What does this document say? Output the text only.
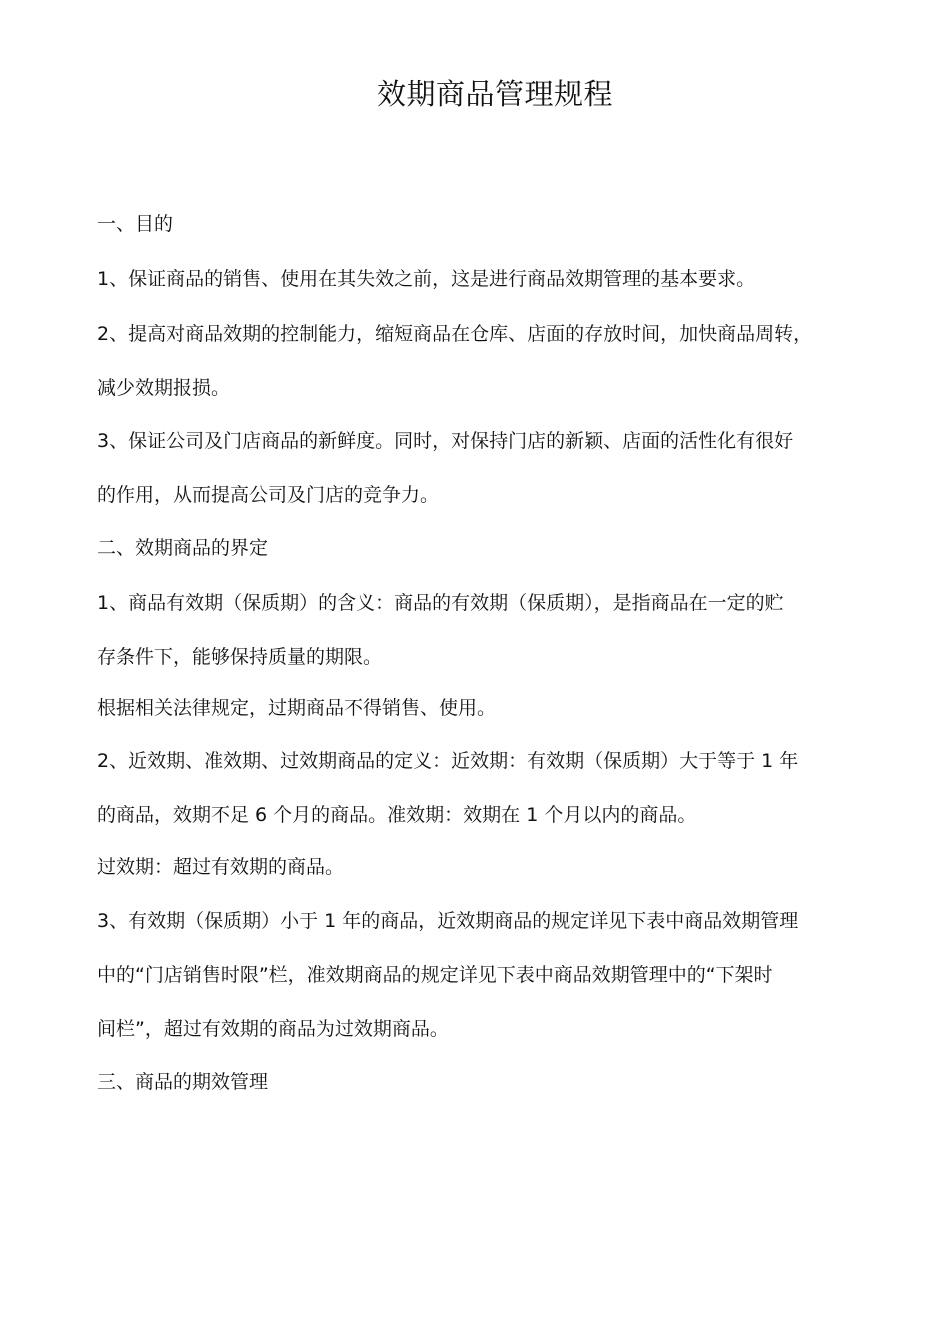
效期商品管理规程

一、目的

1、保证商品的销售、使用在其失效之前，这是进行商品效期管理的基本要求。

2、提高对商品效期的控制能力，缩短商品在仓库、店面的存放时间，加快商品周转，
减少效期报损。

3、保证公司及门店商品的新鲜度。同时，对保持门店的新颖、店面的活性化有很好
的作用，从而提高公司及门店的竞争力。

二、效期商品的界定

1、商品有效期（保质期）的含义：商品的有效期（保质期），是指商品在一定的贮
存条件下，能够保持质量的期限。

根据相关法律规定，过期商品不得销售、使用。

2、近效期、准效期、过效期商品的定义：近效期：有效期（保质期）大于等于 1 年
的商品，效期不足 6 个月的商品。准效期：效期在 1 个月以内的商品。

过效期：超过有效期的商品。

3、有效期（保质期）小于 1 年的商品，近效期商品的规定详见下表中商品效期管理
中的“门店销售时限”栏，准效期商品的规定详见下表中商品效期管理中的“下架时
间栏”，超过有效期的商品为过效期商品。

三、商品的期效管理
